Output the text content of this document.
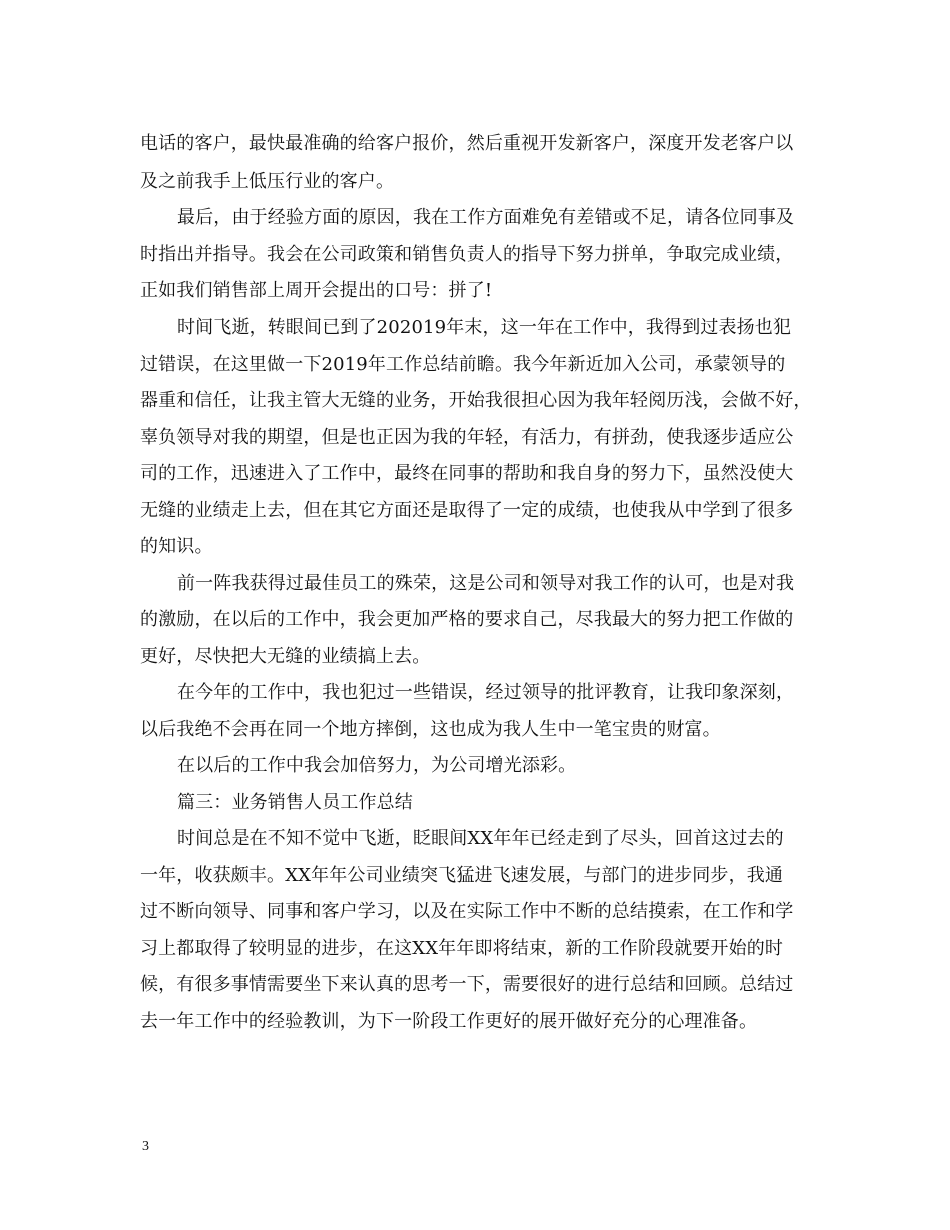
电话的客户，最快最准确的给客户报价，然后重视开发新客户，深度开发老客户以
及之前我手上低压行业的客户。
最后，由于经验方面的原因，我在工作方面难免有差错或不足，请各位同事及
时指出并指导。我会在公司政策和销售负责人的指导下努力拼单，争取完成业绩，
正如我们销售部上周开会提出的口号：拼了!
时间飞逝，转眼间已到了202019年末，这一年在工作中，我得到过表扬也犯
过错误，在这里做一下2019年工作总结前瞻。我今年新近加入公司，承蒙领导的
器重和信任，让我主管大无缝的业务，开始我很担心因为我年轻阅历浅，会做不好，
辜负领导对我的期望，但是也正因为我的年轻，有活力，有拼劲，使我逐步适应公
司的工作，迅速进入了工作中，最终在同事的帮助和我自身的努力下，虽然没使大
无缝的业绩走上去，但在其它方面还是取得了一定的成绩，也使我从中学到了很多
的知识。
前一阵我获得过最佳员工的殊荣，这是公司和领导对我工作的认可，也是对我
的激励，在以后的工作中，我会更加严格的要求自己，尽我最大的努力把工作做的
更好，尽快把大无缝的业绩搞上去。
在今年的工作中，我也犯过一些错误，经过领导的批评教育，让我印象深刻，
以后我绝不会再在同一个地方摔倒，这也成为我人生中一笔宝贵的财富。
在以后的工作中我会加倍努力，为公司增光添彩。
篇三：业务销售人员工作总结
时间总是在不知不觉中飞逝，眨眼间XX年年已经走到了尽头，回首这过去的
一年，收获颇丰。XX年年公司业绩突飞猛进飞速发展，与部门的进步同步，我通
过不断向领导、同事和客户学习，以及在实际工作中不断的总结摸索，在工作和学
习上都取得了较明显的进步，在这XX年年即将结束，新的工作阶段就要开始的时
候，有很多事情需要坐下来认真的思考一下，需要很好的进行总结和回顾。总结过
去一年工作中的经验教训，为下一阶段工作更好的展开做好充分的心理准备。
3
